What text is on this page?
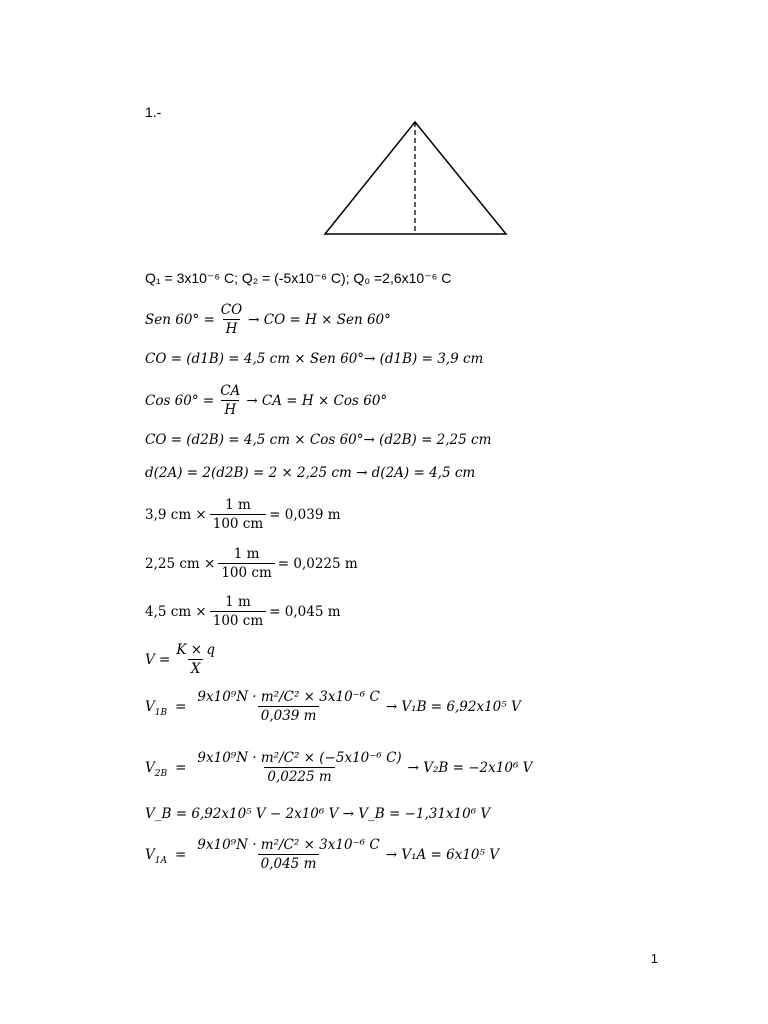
1.-
Q₁ = 3x10⁻⁶ C; Q₂ = (-5x10⁻⁶ C); Q₀ =2,6x10⁻⁶ C
Sen $60^\circ = \frac{CO}{H}$ → CO = H × Sen 60°
CO = (d1B) = 4,5 cm × Sen 60°→ (d1B) = 3,9 cm
Cos $60^\circ = \frac{CA}{H}$ → CA = H × Cos 60°
CO = (d2B) = 4,5 cm × Cos 60°→ (d2B) = 2,25 cm
d(2A) = 2(d2B) = 2 × 2,25 cm → d(2A) = 4,5 cm
3,9 cm × $\frac{1 m}{100 cm} = 0,039$ m
2,25 cm × $\frac{1 m}{100 cm} = 0,0225$ m
4,5 cm × $\frac{1 m}{100 cm} = 0,045$ m
$V = \frac{K \times q}{X}$
$V_{1B} = \frac{\text{9x10⁹N · m²/C² × 3x10⁻⁶ C}}{0,039 m} \to V_1B = 6,92x10^5$ V
$V_{2B} = \frac{\text{9x10⁹N · m²/C² × (−5x10⁻⁶ C)}}{0,0225 m} \to V_2B = -2x10^6$ V
V_B = 6,92x10⁵ V − 2x10⁶ V → V_B = −1,31x10⁶ V
$V_{1A} = \frac{\text{9x10⁹N · m²/C² × 3x10⁻⁶ C}}{0,045 m} \to V_1A = 6x10^5$ V
1
